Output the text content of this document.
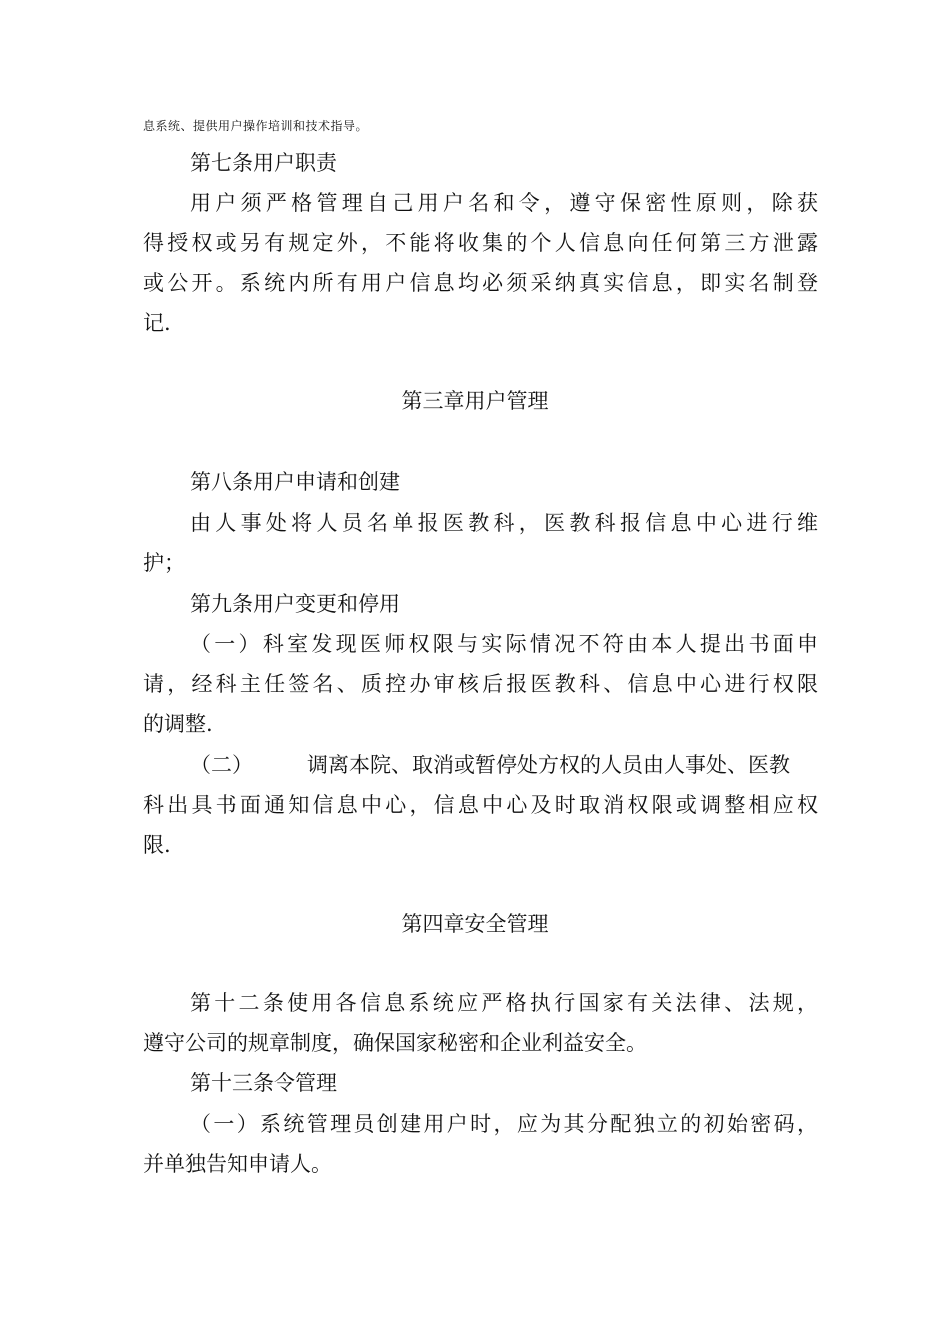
息系统、提供用户操作培训和技术指导。
第七条用户职责
用户须严格管理自己用户名和令，遵守保密性原则，除获
得授权或另有规定外，不能将收集的个人信息向任何第三方泄露
或公开。系统内所有用户信息均必须采纳真实信息，即实名制登
记.
第三章用户管理
第八条用户申请和创建
由人事处将人员名单报医教科，医教科报信息中心进行维
护；
第九条用户变更和停用
（一）科室发现医师权限与实际情况不符由本人提出书面申
请，经科主任签名、质控办审核后报医教科、信息中心进行权限
的调整.
（二）	调离本院、取消或暂停处方权的人员由人事处、医教
科出具书面通知信息中心，信息中心及时取消权限或调整相应权
限.
第四章安全管理
第十二条使用各信息系统应严格执行国家有关法律、法规，
遵守公司的规章制度，确保国家秘密和企业利益安全。
第十三条令管理
（一）系统管理员创建用户时，应为其分配独立的初始密码，
并单独告知申请人。
